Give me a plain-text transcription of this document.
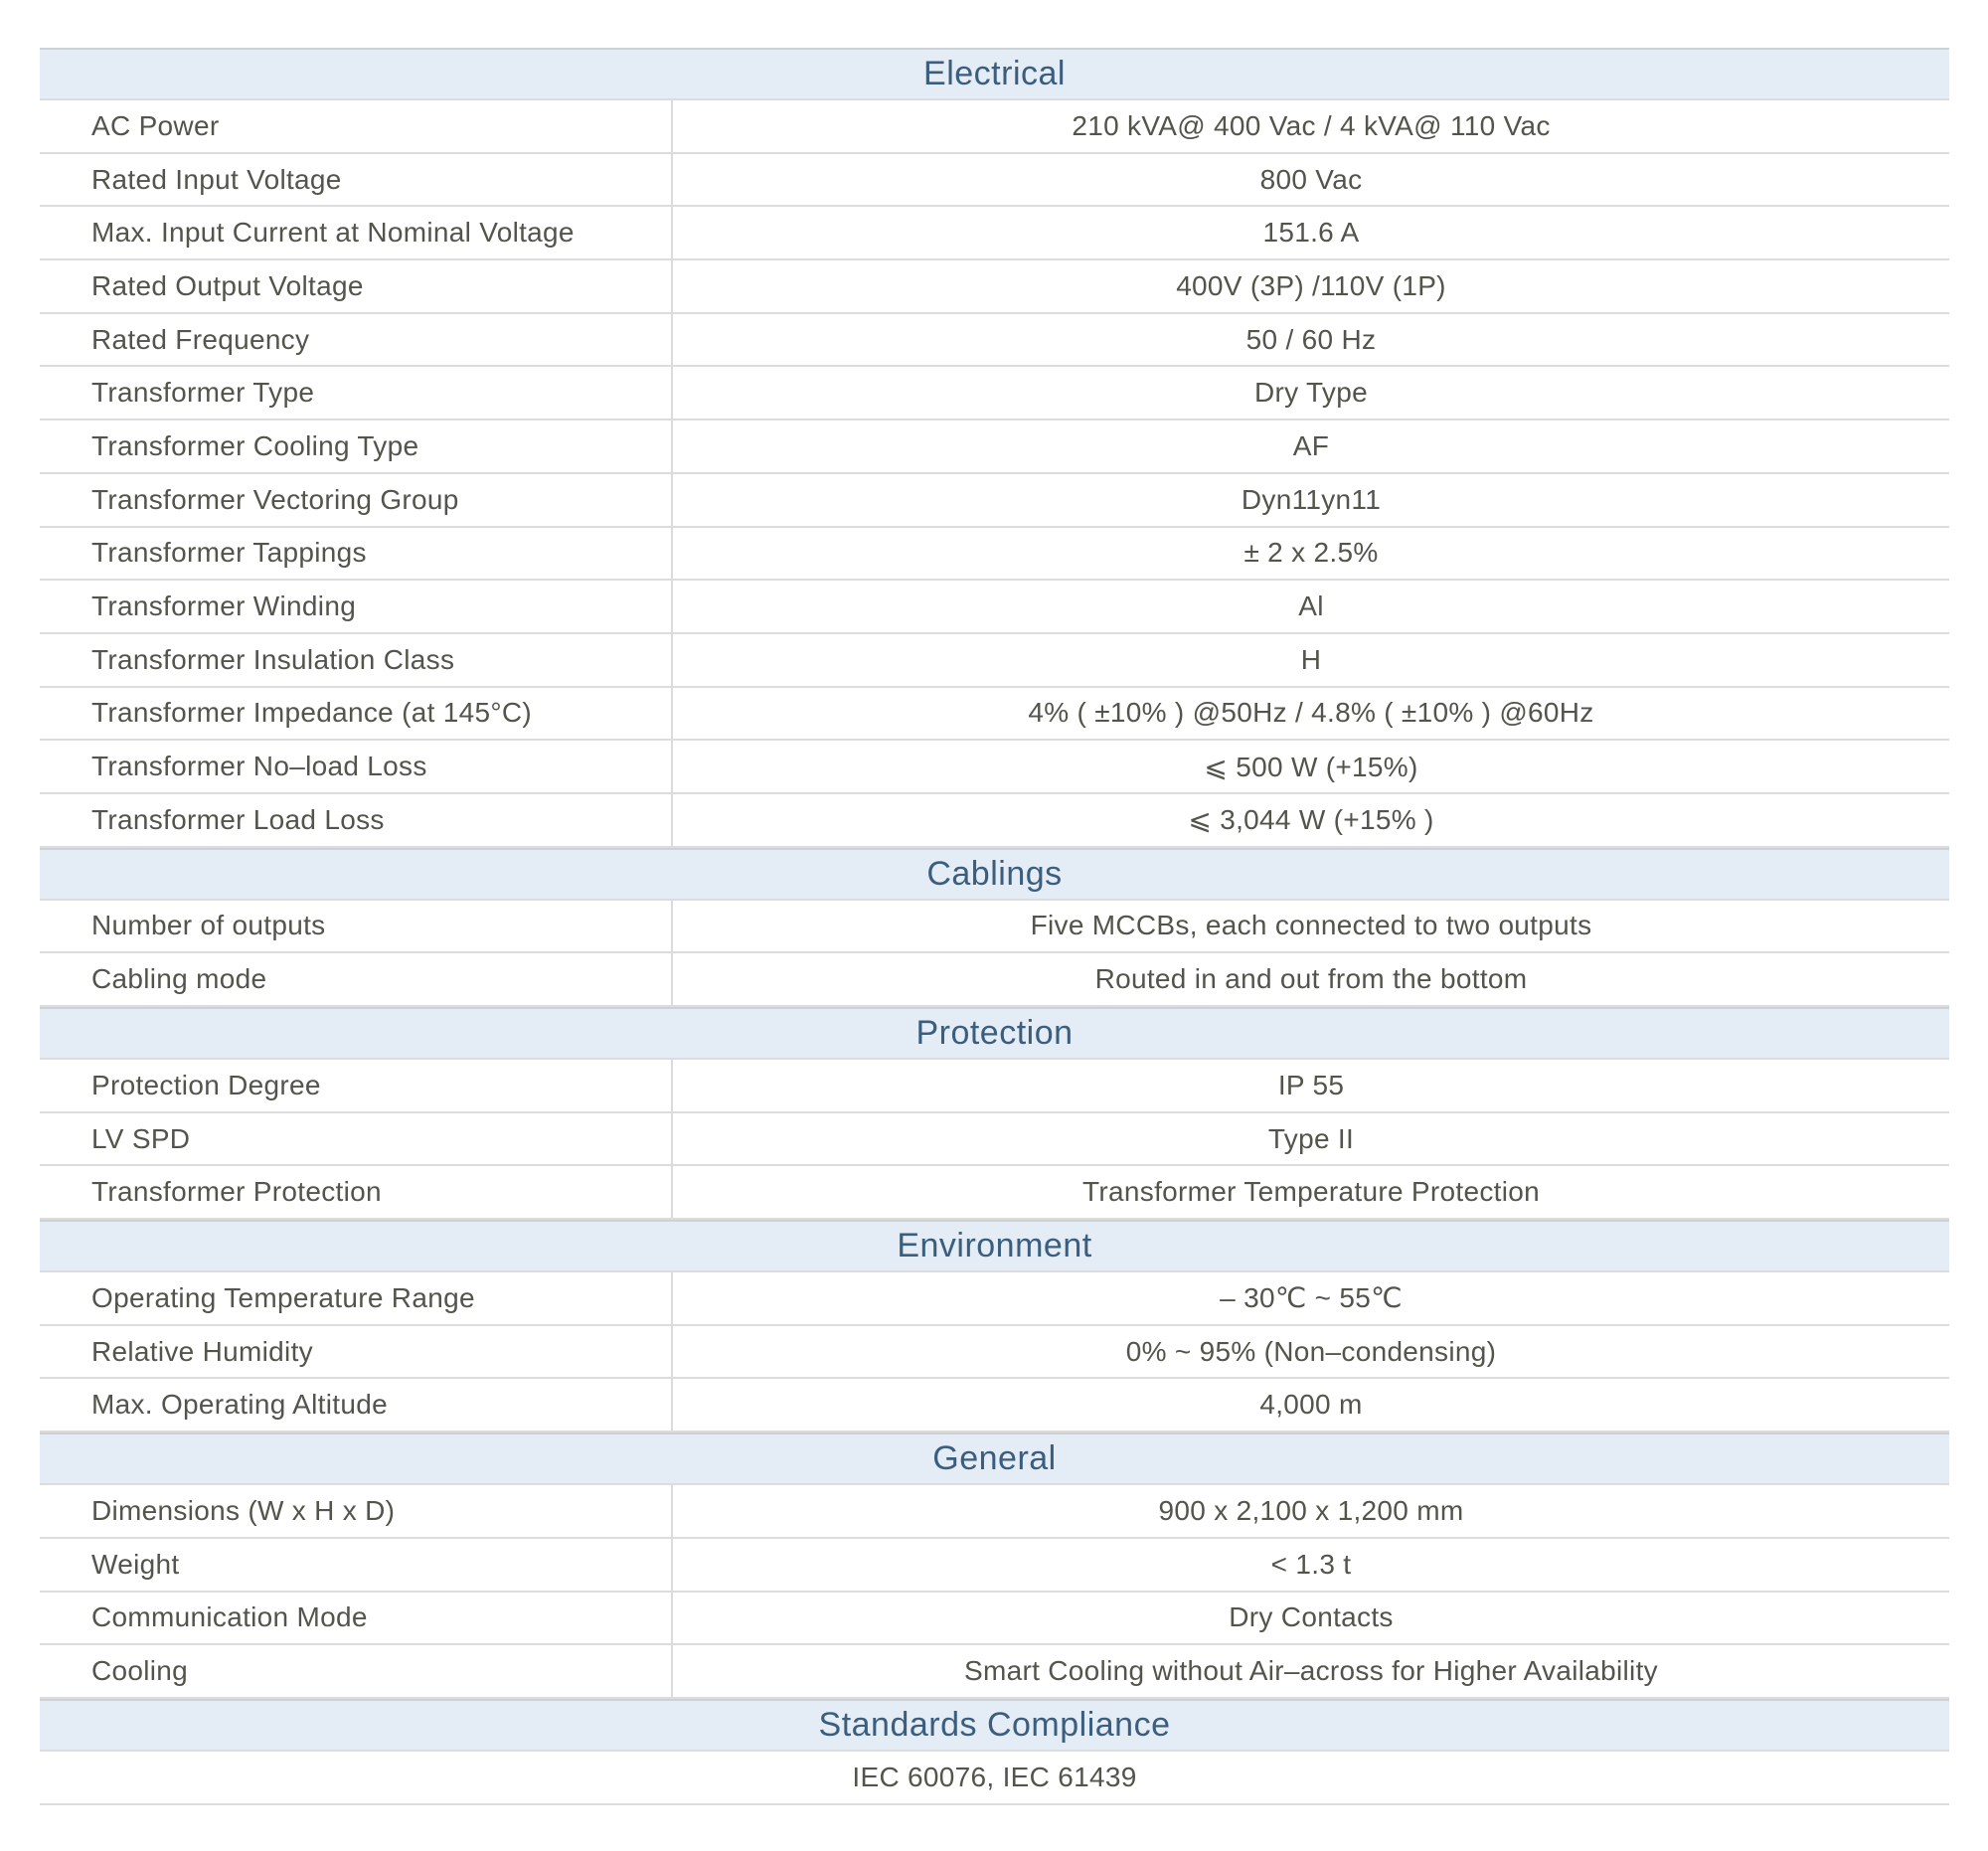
Electrical
AC Power	210 kVA@ 400 Vac / 4 kVA@ 110 Vac
Rated Input Voltage	800 Vac
Max. Input Current at Nominal Voltage	151.6 A
Rated Output Voltage	400V (3P) /110V (1P)
Rated Frequency	50 / 60 Hz
Transformer Type	Dry Type
Transformer Cooling Type	AF
Transformer Vectoring Group	Dyn11yn11
Transformer Tappings	± 2 x 2.5%
Transformer Winding	Al
Transformer Insulation Class	H
Transformer Impedance (at 145°C)	4% ( ±10% ) @50Hz / 4.8% ( ±10% ) @60Hz
Transformer No–load Loss	⩽ 500 W (+15%)
Transformer Load Loss	⩽ 3,044 W (+15% )
Cablings
Number of outputs	Five MCCBs, each connected to two outputs
Cabling mode	Routed in and out from the bottom
Protection
Protection Degree	IP 55
LV SPD	Type II
Transformer Protection	Transformer Temperature Protection
Environment
Operating Temperature Range	– 30℃ ~ 55℃
Relative Humidity	0% ~ 95% (Non–condensing)
Max. Operating Altitude	4,000 m
General
Dimensions (W x H x D)	900 x 2,100 x 1,200 mm
Weight	< 1.3 t
Communication Mode	Dry Contacts
Cooling	Smart Cooling without Air–across for Higher Availability
Standards Compliance
IEC 60076, IEC 61439
